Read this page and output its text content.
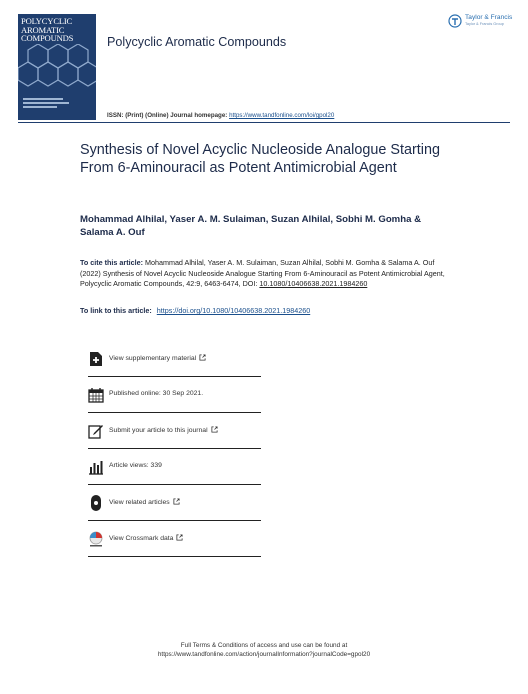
POLYCYCLIC
AROMATIC
COMPOUNDS	Polycyclic Aromatic Compounds
Taylor & Francis
Taylor & Francis Group
ISSN: (Print) (Online) Journal homepage: https://www.tandfonline.com/loi/gpol20
Synthesis of Novel Acyclic Nucleoside Analogue Starting From 6-Aminouracil as Potent Antimicrobial Agent
Mohammad Alhilal, Yaser A. M. Sulaiman, Suzan Alhilal, Sobhi M. Gomha & Salama A. Ouf
To cite this article: Mohammad Alhilal, Yaser A. M. Sulaiman, Suzan Alhilal, Sobhi M. Gomha & Salama A. Ouf (2022) Synthesis of Novel Acyclic Nucleoside Analogue Starting From 6-Aminouracil as Potent Antimicrobial Agent, Polycyclic Aromatic Compounds, 42:9, 6463-6474, DOI: 10.1080/10406638.2021.1984260
To link to this article: https://doi.org/10.1080/10406638.2021.1984260
View supplementary material
Published online: 30 Sep 2021.
Submit your article to this journal
Article views: 339
View related articles
View Crossmark data
Full Terms & Conditions of access and use can be found at
https://www.tandfonline.com/action/journalInformation?journalCode=gpol20
